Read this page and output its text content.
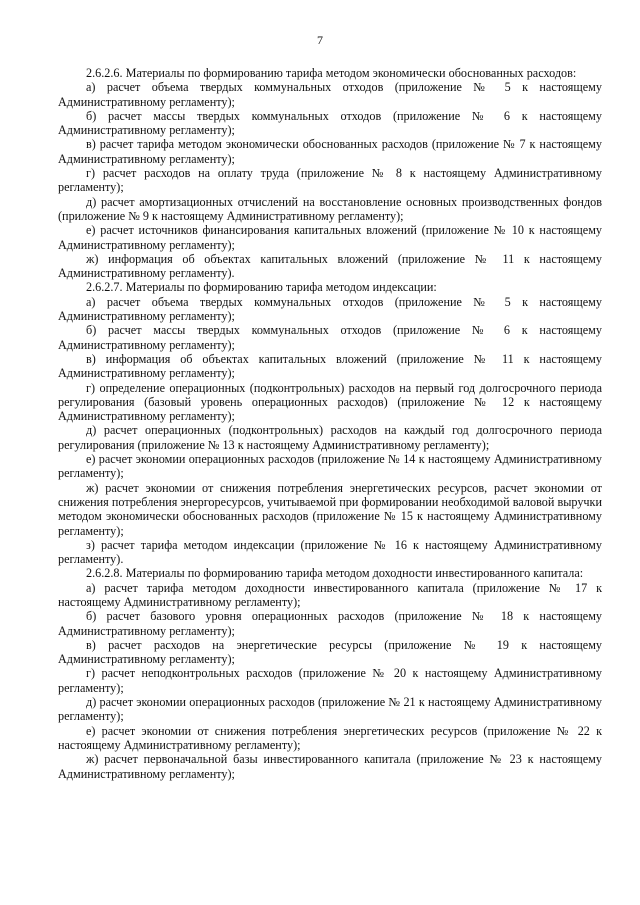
7

2.6.2.6. Материалы по формированию тарифа методом экономически обоснованных расходов:

а) расчет объема твердых коммунальных отходов (приложение № 5 к настоящему Административному регламенту);

б) расчет массы твердых коммунальных отходов (приложение № 6 к настоящему Административному регламенту);

в) расчет тарифа методом экономически обоснованных расходов (приложение № 7 к настоящему Административному регламенту);

г) расчет расходов на оплату труда (приложение № 8 к настоящему Административному регламенту);

д) расчет амортизационных отчислений на восстановление основных производственных фондов (приложение № 9 к настоящему Административному регламенту);

е) расчет источников финансирования капитальных вложений (приложение № 10 к настоящему Административному регламенту);

ж) информация об объектах капитальных вложений (приложение № 11 к настоящему Административному регламенту).

2.6.2.7. Материалы по формированию тарифа методом индексации:

а) расчет объема твердых коммунальных отходов (приложение № 5 к настоящему Административному регламенту);

б) расчет массы твердых коммунальных отходов (приложение № 6 к настоящему Административному регламенту);

в) информация об объектах капитальных вложений (приложение № 11 к настоящему Административному регламенту);

г) определение операционных (подконтрольных) расходов на первый год долгосрочного периода регулирования (базовый уровень операционных расходов) (приложение № 12 к настоящему Административному регламенту);

д) расчет операционных (подконтрольных) расходов на каждый год долгосрочного периода регулирования (приложение № 13 к настоящему Административному регламенту);

е) расчет экономии операционных расходов (приложение № 14 к настоящему Административному регламенту);

ж) расчет экономии от снижения потребления энергетических ресурсов, расчет экономии от снижения потребления энергоресурсов, учитываемой при формировании необходимой валовой выручки методом экономически обоснованных расходов (приложение № 15 к настоящему Административному регламенту);

з) расчет тарифа методом индексации (приложение № 16 к настоящему Административному регламенту).

2.6.2.8. Материалы по формированию тарифа методом доходности инвестированного капитала:

а) расчет тарифа методом доходности инвестированного капитала (приложение № 17 к настоящему Административному регламенту);

б) расчет базового уровня операционных расходов (приложение № 18 к настоящему Административному регламенту);

в) расчет расходов на энергетические ресурсы (приложение № 19 к настоящему Административному регламенту);

г) расчет неподконтрольных расходов (приложение № 20 к настоящему Административному регламенту);

д) расчет экономии операционных расходов (приложение № 21 к настоящему Административному регламенту);

е) расчет экономии от снижения потребления энергетических ресурсов (приложение № 22 к настоящему Административному регламенту);

ж) расчет первоначальной базы инвестированного капитала (приложение № 23 к настоящему Административному регламенту);
